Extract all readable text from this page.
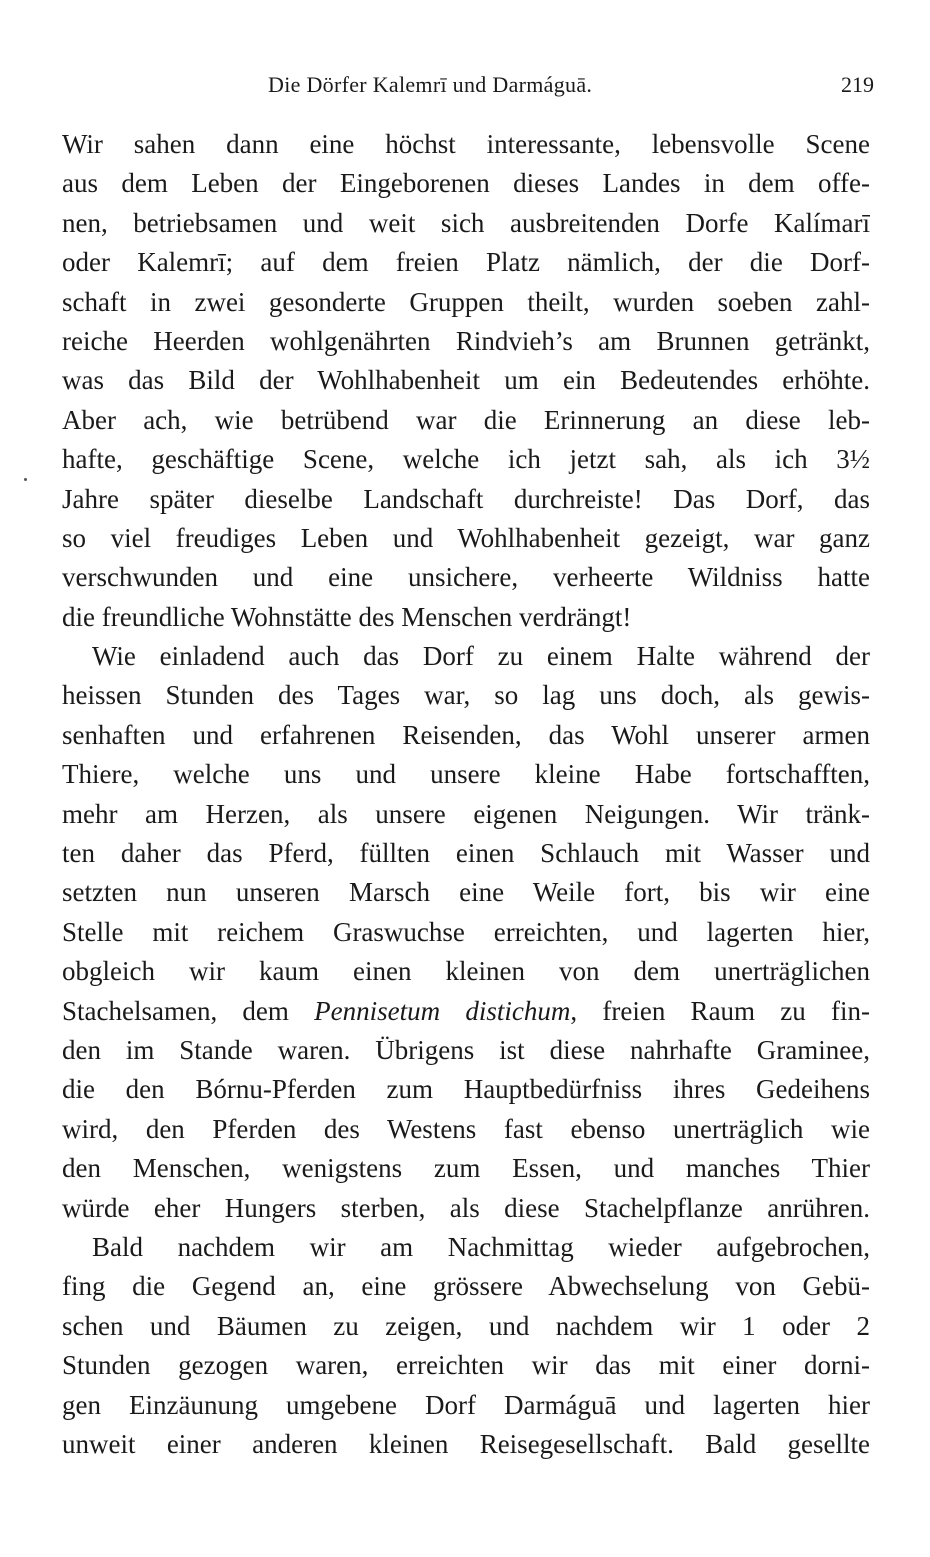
Die Dörfer Kalemrī und Darmáguā.	219
Wir sahen dann eine höchst interessante, lebensvolle Scene
aus dem Leben der Eingeborenen dieses Landes in dem offe-
nen, betriebsamen und weit sich ausbreitenden Dorfe Kalímarī
oder Kalemrī; auf dem freien Platz nämlich, der die Dorf-
schaft in zwei gesonderte Gruppen theilt, wurden soeben zahl-
reiche Heerden wohlgenährten Rindvieh’s am Brunnen getränkt,
was das Bild der Wohlhabenheit um ein Bedeutendes erhöhte.
Aber ach, wie betrübend war die Erinnerung an diese leb-
hafte, geschäftige Scene, welche ich jetzt sah, als ich 3½
Jahre später dieselbe Landschaft durchreiste! Das Dorf, das
so viel freudiges Leben und Wohlhabenheit gezeigt, war ganz
verschwunden und eine unsichere, verheerte Wildniss hatte
die freundliche Wohnstätte des Menschen verdrängt!
Wie einladend auch das Dorf zu einem Halte während der
heissen Stunden des Tages war, so lag uns doch, als gewis-
senhaften und erfahrenen Reisenden, das Wohl unserer armen
Thiere, welche uns und unsere kleine Habe fortschafften,
mehr am Herzen, als unsere eigenen Neigungen. Wir tränk-
ten daher das Pferd, füllten einen Schlauch mit Wasser und
setzten nun unseren Marsch eine Weile fort, bis wir eine
Stelle mit reichem Graswuchse erreichten, und lagerten hier,
obgleich wir kaum einen kleinen von dem unerträglichen
Stachelsamen, dem Pennisetum distichum, freien Raum zu fin-
den im Stande waren. Übrigens ist diese nahrhafte Graminee,
die den Bórnu-Pferden zum Hauptbedürfniss ihres Gedeihens
wird, den Pferden des Westens fast ebenso unerträglich wie
den Menschen, wenigstens zum Essen, und manches Thier
würde eher Hungers sterben, als diese Stachelpflanze anrühren.
Bald nachdem wir am Nachmittag wieder aufgebrochen,
fing die Gegend an, eine grössere Abwechselung von Gebü-
schen und Bäumen zu zeigen, und nachdem wir 1 oder 2
Stunden gezogen waren, erreichten wir das mit einer dorni-
gen Einzäunung umgebene Dorf Darmáguā und lagerten hier
unweit einer anderen kleinen Reisegesellschaft. Bald gesellte
